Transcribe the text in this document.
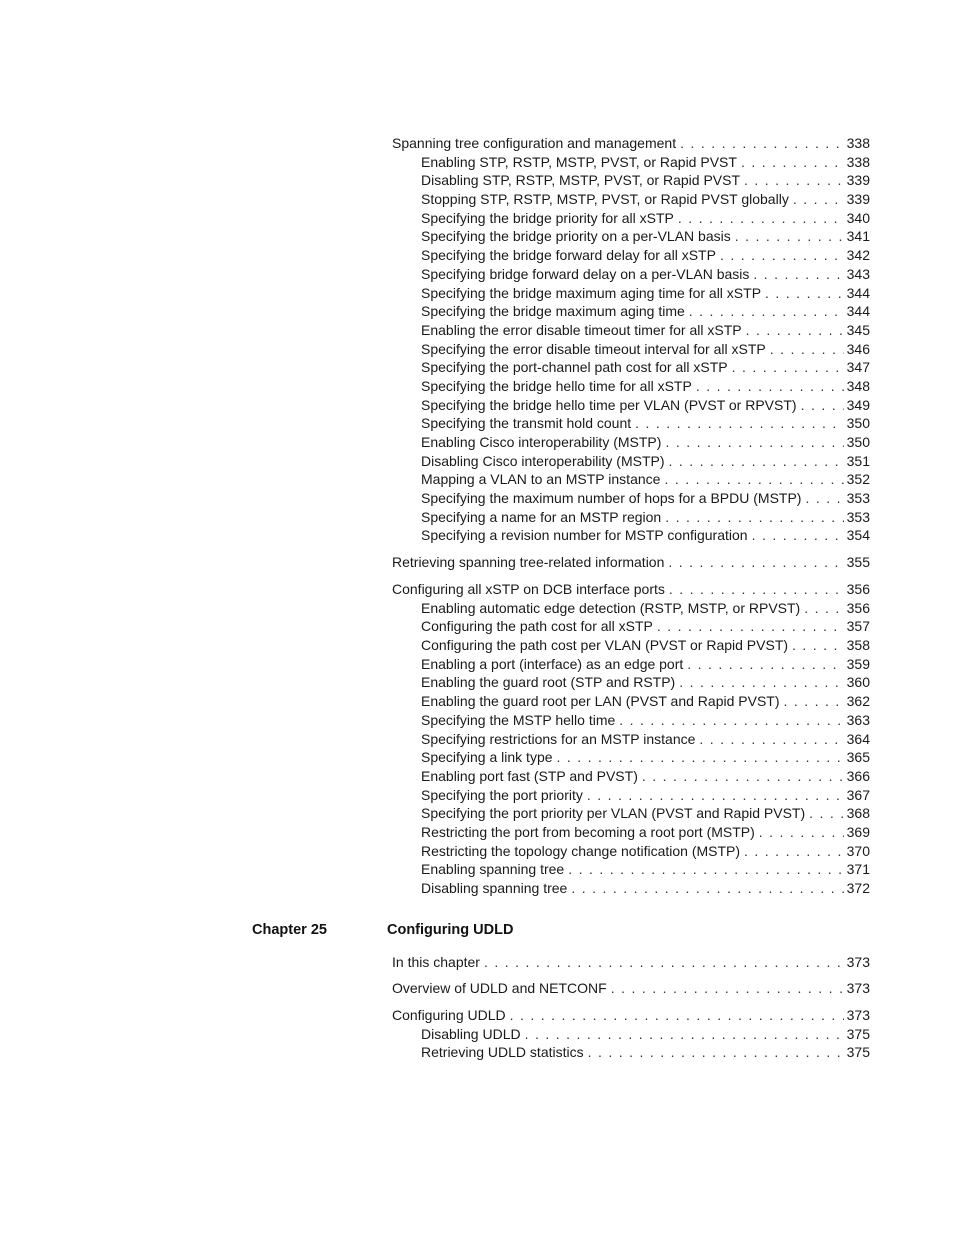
Spanning tree configuration and management . . .	338
Enabling STP, RSTP, MSTP, PVST, or Rapid PVST . . .	338
Disabling STP, RSTP, MSTP, PVST, or Rapid PVST . . .	339
Stopping STP, RSTP, MSTP, PVST, or Rapid PVST globally . . .	339
Specifying the bridge priority for all xSTP . . .	340
Specifying the bridge priority on a per-VLAN basis . . .	341
Specifying the bridge forward delay for all xSTP . . .	342
Specifying bridge forward delay on a per-VLAN basis . . .	343
Specifying the bridge maximum aging time for all xSTP . . .	344
Specifying the bridge maximum aging time . . .	344
Enabling the error disable timeout timer for all xSTP . . .	345
Specifying the error disable timeout interval for all xSTP . . .	346
Specifying the port-channel path cost for all xSTP . . .	347
Specifying the bridge hello time for all xSTP . . .	348
Specifying the bridge hello time per VLAN (PVST or RPVST) . . .	349
Specifying the transmit hold count . . .	350
Enabling Cisco interoperability (MSTP) . . .	350
Disabling Cisco interoperability (MSTP) . . .	351
Mapping a VLAN to an MSTP instance . . .	352
Specifying the maximum number of hops for a BPDU (MSTP) . . .	353
Specifying a name for an MSTP region . . .	353
Specifying a revision number for MSTP configuration . . .	354
Retrieving spanning tree-related information . . .	355
Configuring all xSTP on DCB interface ports . . .	356
Enabling automatic edge detection (RSTP, MSTP, or RPVST) . . .	356
Configuring the path cost for all xSTP . . .	357
Configuring the path cost per VLAN (PVST or Rapid PVST) . . .	358
Enabling a port (interface) as an edge port . . .	359
Enabling the guard root (STP and RSTP) . . .	360
Enabling the guard root per LAN (PVST and Rapid PVST) . . .	362
Specifying the MSTP hello time . . .	363
Specifying restrictions for an MSTP instance . . .	364
Specifying a link type . . .	365
Enabling port fast (STP and PVST) . . .	366
Specifying the port priority . . .	367
Specifying the port priority per VLAN (PVST and Rapid PVST) . . .	368
Restricting the port from becoming a root port (MSTP) . . .	369
Restricting the topology change notification (MSTP) . . .	370
Enabling spanning tree . . .	371
Disabling spanning tree . . .	372
Chapter 25	Configuring UDLD
In this chapter . . .	373
Overview of UDLD and NETCONF . . .	373
Configuring UDLD . . .	373
Disabling UDLD . . .	375
Retrieving UDLD statistics . . .	375
